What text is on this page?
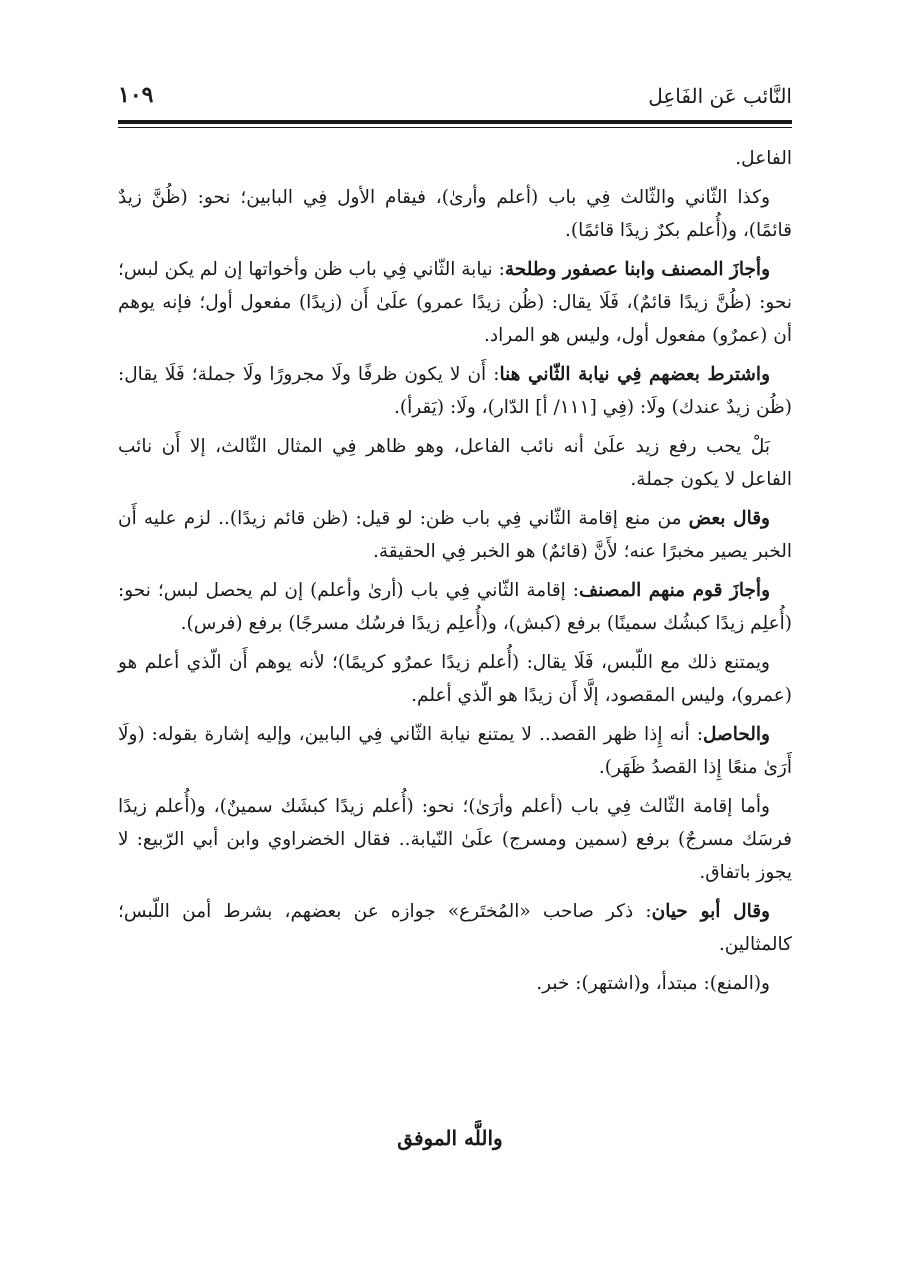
النَّائب عَن الفَاعِل
١٠٩

الفاعل.

وكذا الثّاني والثّالث فِي باب (أعلم وأرىٰ)، فيقام الأول فِي البابين؛ نحو: (ظُنَّ زيدٌ قائمًا)، و(أُعلم بكرٌ زيدًا قائمًا).

وأجازَ المصنف وابنا عصفور وطلحة: نيابة الثّاني فِي باب ظن وأخواتها إن لم يكن لبس؛ نحو: (ظُنَّ زيدًا قائمٌ)، فَلَا يقال: (ظُن زيدًا عمرو) علَىٰ أَن (زيدًا) مفعول أول؛ فإنه يوهم أن (عمرٌو) مفعول أول، وليس هو المراد.

واشترط بعضهم فِي نيابة الثّاني هنا: أَن لا يكون ظرفًا ولَا مجرورًا ولَا جملة؛ فَلَا يقال: (ظُن زيدٌ عندك) ولَا: (فِي [١١١/ أ] الدّار)، ولَا: (يَقرأ).

بَلْ يحب رفع زيد علَىٰ أنه نائب الفاعل، وهو ظاهر فِي المثال الثّالث، إلا أَن نائب الفاعل لا يكون جملة.

وقال بعض من منع إقامة الثّاني فِي باب ظن: لو قيل: (ظن قائم زيدًا).. لزم عليه أَن الخبر يصير مخبرًا عنه؛ لأَنَّ (قائمٌ) هو الخبر فِي الحقيقة.

وأجازَ قوم منهم المصنف: إقامة الثّاني فِي باب (أرىٰ وأعلم) إن لم يحصل لبس؛ نحو: (أُعلِم زيدًا كبشُك سمينًا) برفع (كبش)، و(أُعلِم زيدًا فرسُك مسرجًا) برفع (فرس).

ويمتنع ذلك مع اللّبس، فَلَا يقال: (أُعلم زيدًا عمرٌو كريمًا)؛ لأنه يوهم أَن الّذي أعلم هو (عمرو)، وليس المقصود، إلَّا أَن زيدًا هو الّذي أعلم.

والحاصل: أنه إِذا ظهر القصد.. لا يمتنع نيابة الثّاني فِي البابين، وإليه إشارة بقوله: (ولَا أَرَىٰ منعًا إِذا القصدُ ظَهَر).

وأما إقامة الثّالث فِي باب (أعلم وأرَىٰ)؛ نحو: (أُعلم زيدًا كبشَك سمينٌ)، و(أُعلم زيدًا فرسَك مسرجٌ) برفع (سمين ومسرج) علَىٰ النّيابة.. فقال الخضراوي وابن أبي الرّبيع: لا يجوز باتفاق.

وقال أبو حيان: ذكر صاحب «المُختَرع» جوازه عن بعضهم، بشرط أمن اللّبس؛ كالمثالين.

و(المنع): مبتدأ، و(اشتهر): خبر.

واللَّه الموفق
